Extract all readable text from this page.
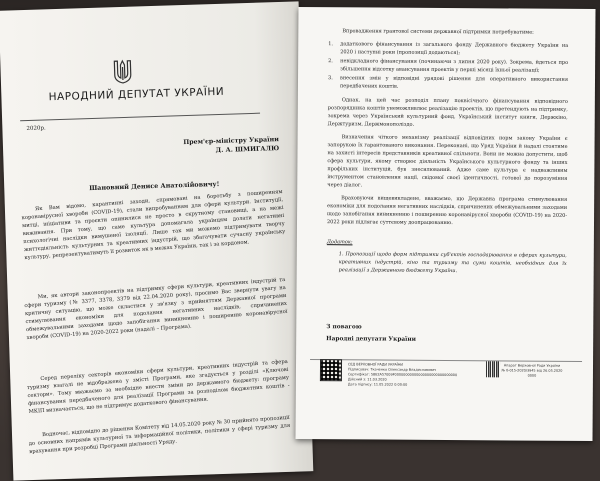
НАРОДНИЙ ДЕПУТАТ УКРАЇНИ
2020р.
Прем'єр-міністру України
Д. А. ШМИГАЛЮ
Шановний Денисе Анатолійовичу!
Як Вам відомо, карантинні заходи, спрямовані на боротьбу з поширенням коронавірусної хвороби (COVID-19), стали випробуванням для сфери культури. Інституції, митці, ініціативи та проєкти опинилися не просто в скрутному становищі, а на межі виживання. При тому, що саме культура допомагала українцям долати негативні психологічні наслідки вимушеної ізоляції. Лише так ми можемо підтримувати творчу життєдіяльність культурних та креативних індустрій, що збагачувати сучасну українську культуру, репрезентуватимуть її розвиток як в межах України, так і за кордоном.
Ми, як автори законопроектів на підтримку сфери культури, креативних індустрій та сфери туризму (№ 3377, 3378, 3379 від 22.04.2020 року), просимо Вас звернути увагу на критичну ситуацію, що може скластися у зв'язку з прийняттям Державної програми стимулювання економіки для подолання негативних наслідків, спричинених обмежувальними заходами щодо запобігання виникненню і поширенню коронавірусної хвороби (COVID-19) на 2020-2022 роки (надалі – Програма).
Серед переліку секторів економіки сфери культури, креативних індустрій та сфера туризму взагалі не відображена у змісті Програми, яке згадується у розділі «Ключові сектори». Тому вважаємо за необхідне внести зміни до державного бюджету: програму фінансування передбаченого для реалізації Програми за розподілом бюджетних коштів - МКІП визначається, що не підтримує додаткового фінансування.
Водночас, відповідно до рішення Комітету від 14.05.2020 року № 30 прийнято пропозиції до основних напрямів культурної та інформаційної політики, політики у сфері туризму для врахування при розробці Програми діяльності Уряду.

Впровадження грантової системи державної підтримки потребуватиме:

1. додаткового фінансування із загального фонду Державного бюджету України на 2020 і наступні роки (пропозиції додаються);
2. невідкладного фінансування (починаючи з липня 2020 року). Зокрема, йдеться про збільшення відсотку авансування проектів у перші місяці їхньої реалізації;
3. внесення змін у відповідні урядові рішення для оперативного використання передбачених коштів.

Однак, на цей час розподіл плану поквісічного фінансування відповідного розпорядника коштів унеможливлює реалізацію проектів, що претендують на підтримку, зокрема через Український культурний фонд, Український інститут книги, Держкіно, Держтуризм, Держмонополіздо.

Визначення чіткого механізму реалізації відповідних норм закону України є запорукою їх гарантованого виконання. Переконані, що Уряд України й надалі стоятиме на захисті інтересів представників креативної спільноти. Вони не можна допустити, щоб сфера культури, якому створює діяльність Українського культурного фонду та інших профільних інституцій, був знесилюваний. Адже саме культура є надважливим інструментом становлення нації, свідомої своєї ідентичності, готової до порозуміння через діалог.

Враховуючи вищевикладене, вважаємо, що Державна програма стимулювання економіки для подолання негативних наслідків, спричинених обмежувальними заходами щодо запобігання виникненню і поширенню коронавірусної хвороби (COVID-19) на 2020-2022 роки підлягає суттєвому доопрацюванню.

Додаток:
1. Пропозиції щодо форм підтримки суб'єктів господарювання в сферах культури, креативних індустрій, кіно та туризму та суми коштів, необхідних для їх реалізації з Державного бюджету України.
З повагою
Народні депутати України
СЕД ВЕРХОВНОЇ РАДИ УКРАЇНИ
Підписувач: Ткаченко Олександр Владиславович
Сертифікат: 58E2A57009F00000000000000000000000000000
Дійсний з: 11.03.2020
Дата підпису: 11.05.2022 0:00:00
Апарат Верховної Ради України
№ 0-015-2020/3945 від 26.05.2020
0000
